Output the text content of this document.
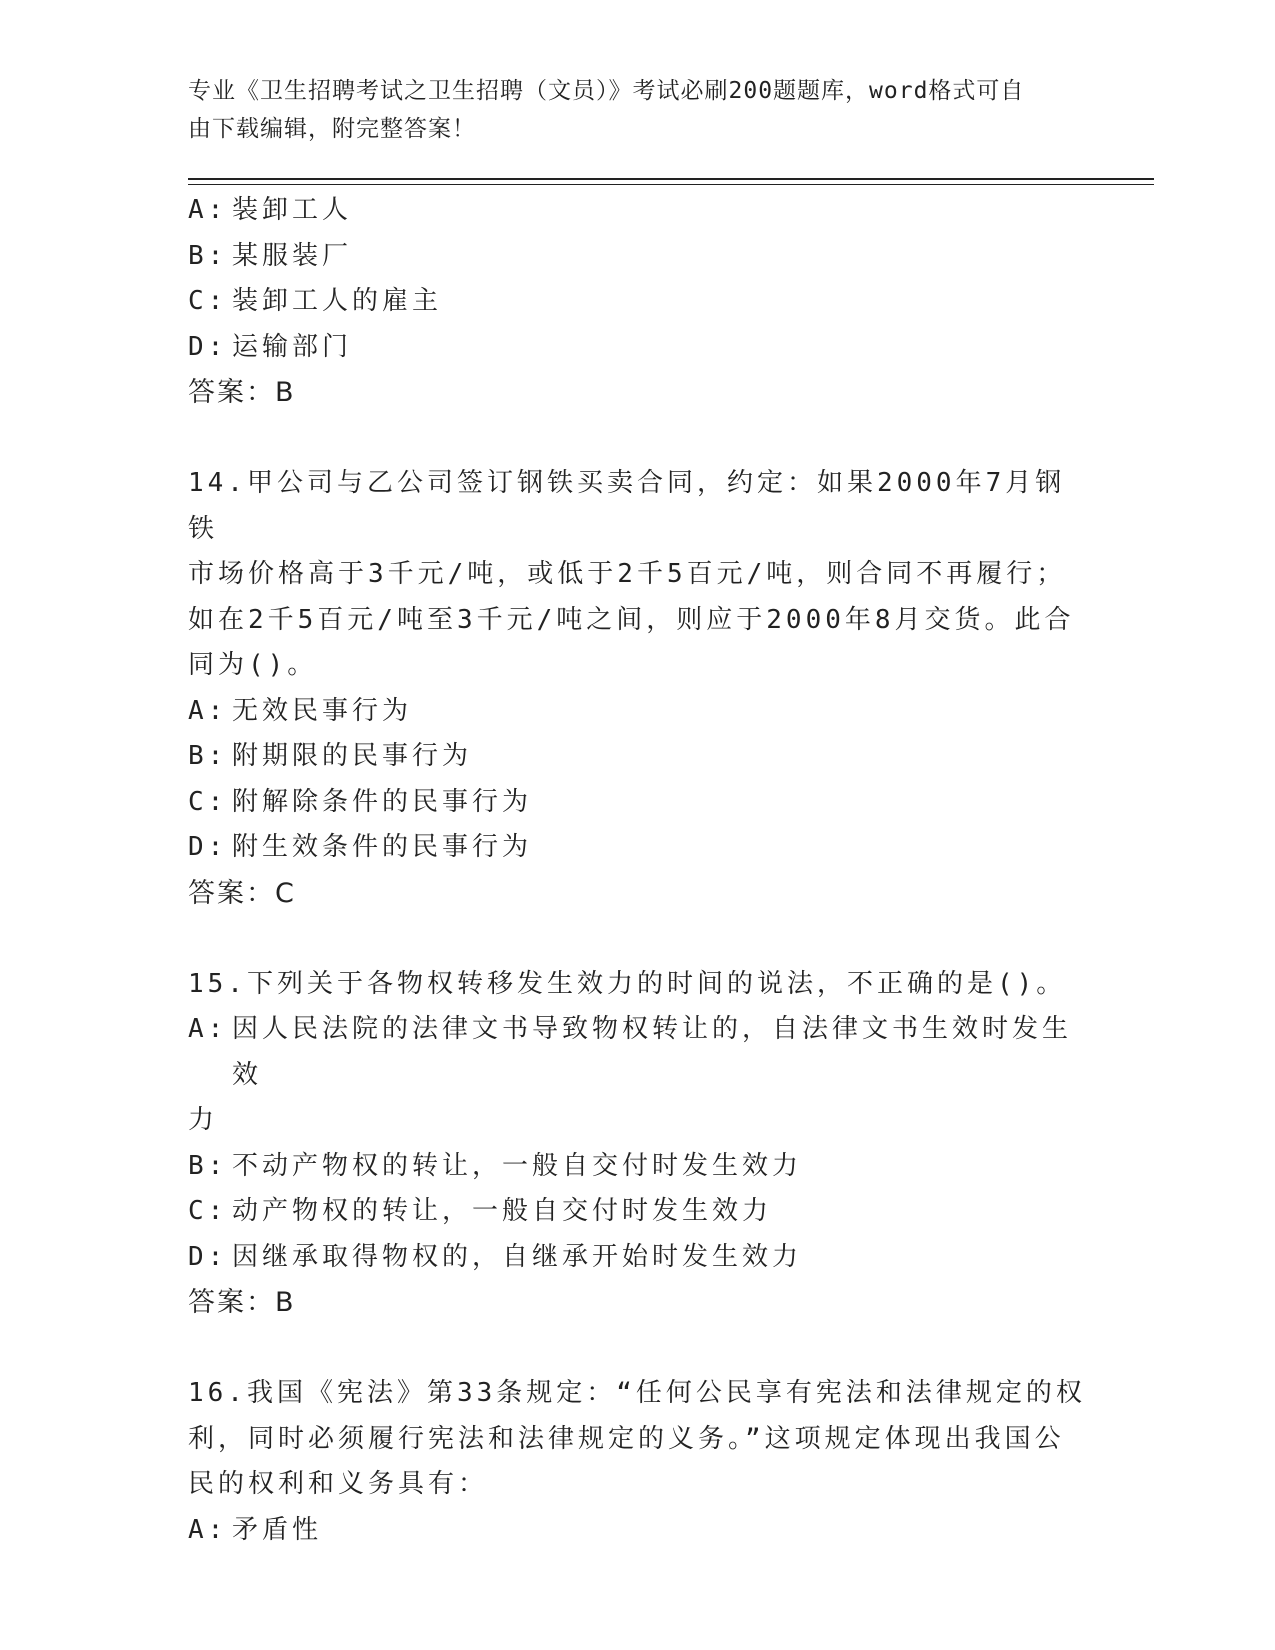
专业《卫生招聘考试之卫生招聘（文员）》考试必刷200题题库，word格式可自
由下载编辑，附完整答案！
A: 装卸工人
B: 某服装厂
C: 装卸工人的雇主
D: 运输部门
答案：B
14.甲公司与乙公司签订钢铁买卖合同，约定：如果2000年7月钢铁
市场价格高于3千元/吨，或低于2千5百元/吨，则合同不再履行；
如在2千5百元/吨至3千元/吨之间，则应于2000年8月交货。此合
同为()。
A: 无效民事行为
B: 附期限的民事行为
C: 附解除条件的民事行为
D: 附生效条件的民事行为
答案：C
15.下列关于各物权转移发生效力的时间的说法，不正确的是()。
A: 因人民法院的法律文书导致物权转让的，自法律文书生效时发生效
力
B: 不动产物权的转让，一般自交付时发生效力
C: 动产物权的转让，一般自交付时发生效力
D: 因继承取得物权的，自继承开始时发生效力
答案：B
16.我国《宪法》第33条规定：“任何公民享有宪法和法律规定的权
利，同时必须履行宪法和法律规定的义务。”这项规定体现出我国公
民的权利和义务具有：
A: 矛盾性
